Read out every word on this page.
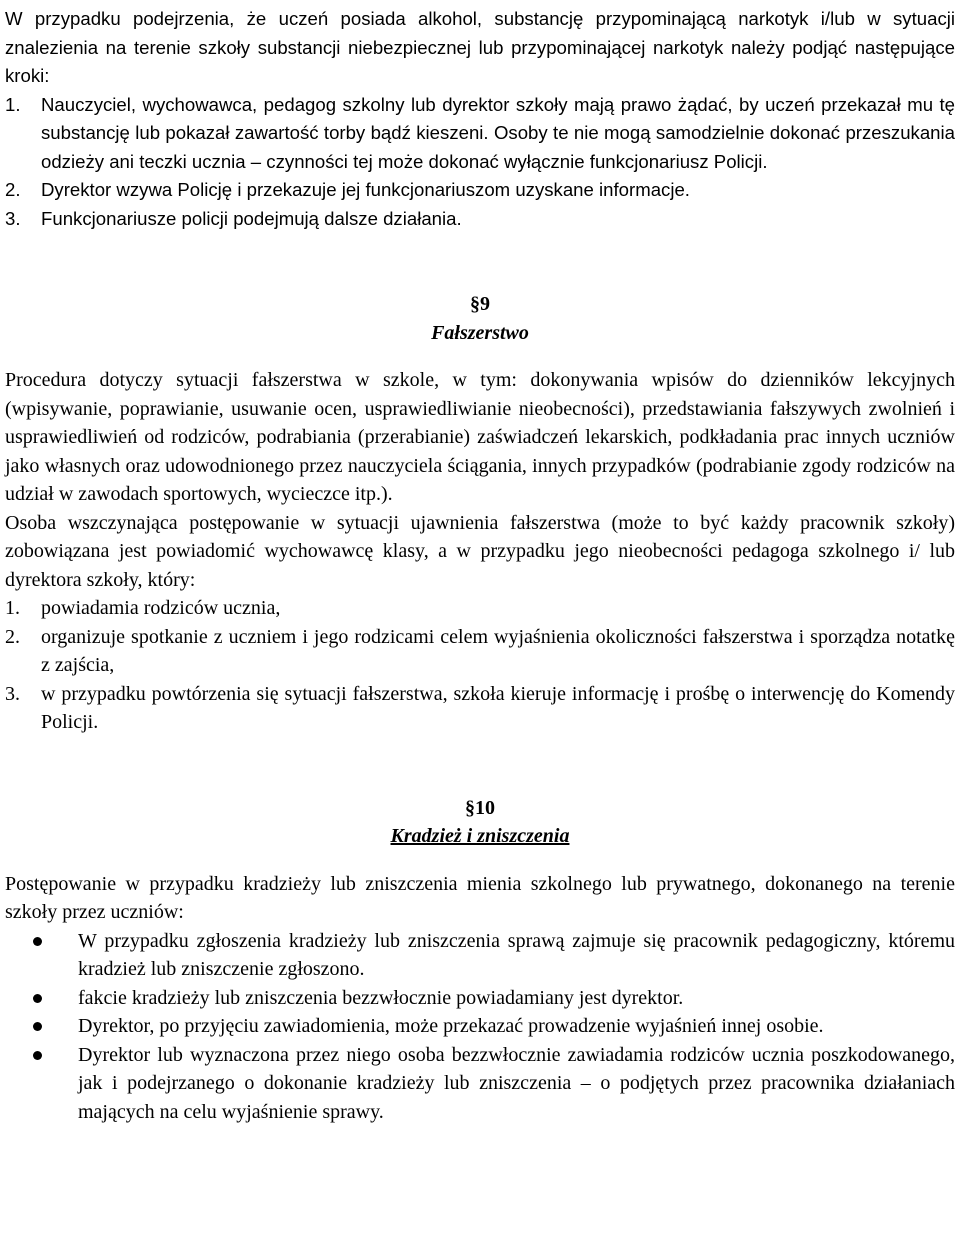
W przypadku podejrzenia, że uczeń posiada alkohol, substancję przypominającą narkotyk i/lub w sytuacji znalezienia na terenie szkoły substancji niebezpiecznej lub przypominającej narkotyk należy podjąć następujące kroki:

1. Nauczyciel, wychowawca, pedagog szkolny lub dyrektor szkoły mają prawo żądać, by uczeń przekazał mu tę substancję lub pokazał zawartość torby bądź kieszeni. Osoby te nie mogą samodzielnie dokonać przeszukania odzieży ani teczki ucznia – czynności tej może dokonać wyłącznie funkcjonariusz Policji.
2. Dyrektor wzywa Policję i przekazuje jej funkcjonariuszom uzyskane informacje.
3. Funkcjonariusze policji podejmują dalsze działania.
§9
Fałszerstwo

Procedura dotyczy sytuacji fałszerstwa w szkole, w tym: dokonywania wpisów do dzienników lekcyjnych (wpisywanie, poprawianie, usuwanie ocen, usprawiedliwianie nieobecności), przedstawiania fałszywych zwolnień i usprawiedliwień od rodziców, podrabiania (przerabianie) zaświadczeń lekarskich, podkładania prac innych uczniów jako własnych oraz udowodnionego przez nauczyciela ściągania, innych przypadków (podrabianie zgody rodziców na udział w zawodach sportowych, wycieczce itp.).

Osoba wszczynająca postępowanie w sytuacji ujawnienia fałszerstwa (może to być każdy pracownik szkoły) zobowiązana jest powiadomić wychowawcę klasy, a w przypadku jego nieobecności pedagoga szkolnego i/ lub dyrektora szkoły, który:

1. powiadamia rodziców ucznia,
2. organizuje spotkanie z uczniem i jego rodzicami celem wyjaśnienia okoliczności fałszerstwa i sporządza notatkę z zajścia,
3. w przypadku powtórzenia się sytuacji fałszerstwa, szkoła kieruje informację i prośbę o interwencję do Komendy Policji.
§10
Kradzież i zniszczenia

Postępowanie w przypadku kradzieży lub zniszczenia mienia szkolnego lub prywatnego, dokonanego na terenie szkoły przez uczniów:

W przypadku zgłoszenia kradzieży lub zniszczenia sprawą zajmuje się pracownik pedagogiczny, któremu kradzież lub zniszczenie zgłoszono.
fakcie kradzieży lub zniszczenia bezzwłocznie powiadamiany jest dyrektor.
Dyrektor, po przyjęciu zawiadomienia, może przekazać prowadzenie wyjaśnień innej osobie.
Dyrektor lub wyznaczona przez niego osoba bezzwłocznie zawiadamia rodziców ucznia poszkodowanego, jak i podejrzanego o dokonanie kradzieży lub zniszczenia – o podjętych przez pracownika działaniach mających na celu wyjaśnienie sprawy.
